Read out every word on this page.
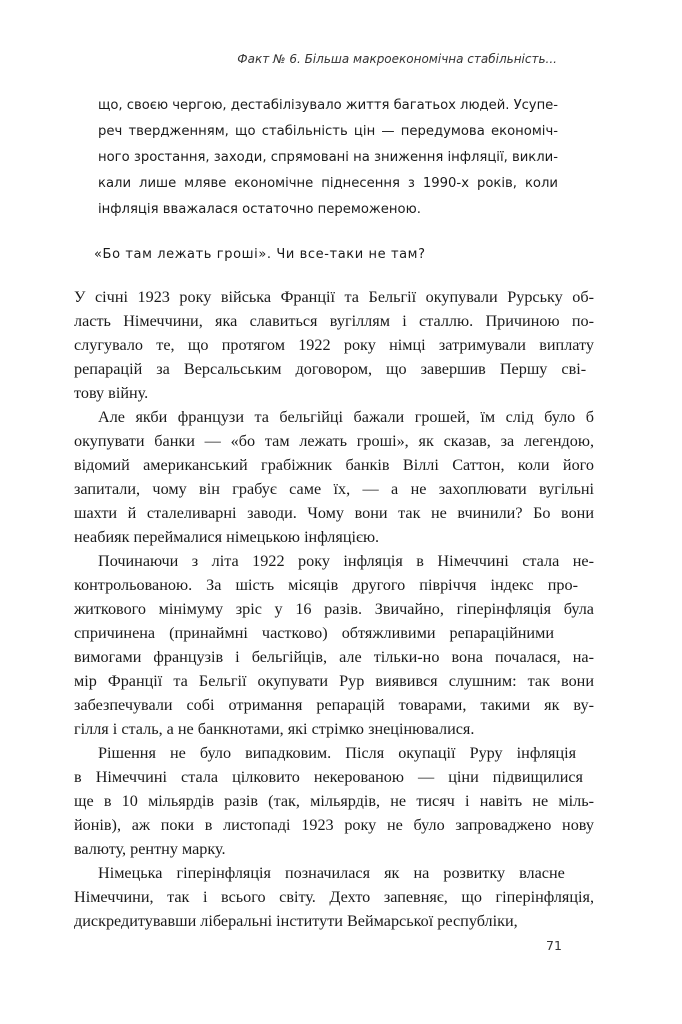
Факт № 6. Більша макроекономічна стабільність...
що, своєю чергою, дестабілізувало життя багатьох людей. Усупе-
реч твердженням, що стабільність цін — передумова економіч-
ного зростання, заходи, спрямовані на зниження інфляції, викли-
кали лише мляве економічне піднесення з 1990-х років, коли
інфляція вважалася остаточно переможеною.
«Бо там лежать гроші». Чи все-таки не там?

У січні 1923 року війська Франції та Бельгії окупували Рурську об-
ласть Німеччини, яка славиться вугіллям і сталлю. Причиною по-
слугувало те, що протягом 1922 року німці затримували виплату
репарацій за Версальським договором, що завершив Першу сві-
тову війну.

Але якби французи та бельгійці бажали грошей, їм слід було б
окупувати банки — «бо там лежать гроші», як сказав, за легендою,
відомий американський грабіжник банків Віллі Саттон, коли його
запитали, чому він грабує саме їх, — а не захоплювати вугільні
шахти й сталеливарні заводи. Чому вони так не вчинили? Бо вони
неабияк переймалися німецькою інфляцією.

Починаючи з літа 1922 року інфляція в Німеччині стала не-
контрольованою. За шість місяців другого півріччя індекс про-
житкового мінімуму зріс у 16 разів. Звичайно, гіперінфляція була
спричинена (принаймні частково) обтяжливими репараційними
вимогами французів і бельгійців, але тільки-но вона почалася, на-
мір Франції та Бельгії окупувати Рур виявився слушним: так вони
забезпечували собі отримання репарацій товарами, такими як ву-
гілля і сталь, а не банкнотами, які стрімко знецінювалися.

Рішення не було випадковим. Після окупації Руру інфляція
в Німеччині стала цілковито некерованою — ціни підвищилися
ще в 10 мільярдів разів (так, мільярдів, не тисяч і навіть не міль-
йонів), аж поки в листопаді 1923 року не було запроваджено нову
валюту, рентну марку.

Німецька гіперінфляція позначилася як на розвитку власне
Німеччини, так і всього світу. Дехто запевняє, що гіперінфляція,
дискредитувавши ліберальні інститути Веймарської республіки,

71
